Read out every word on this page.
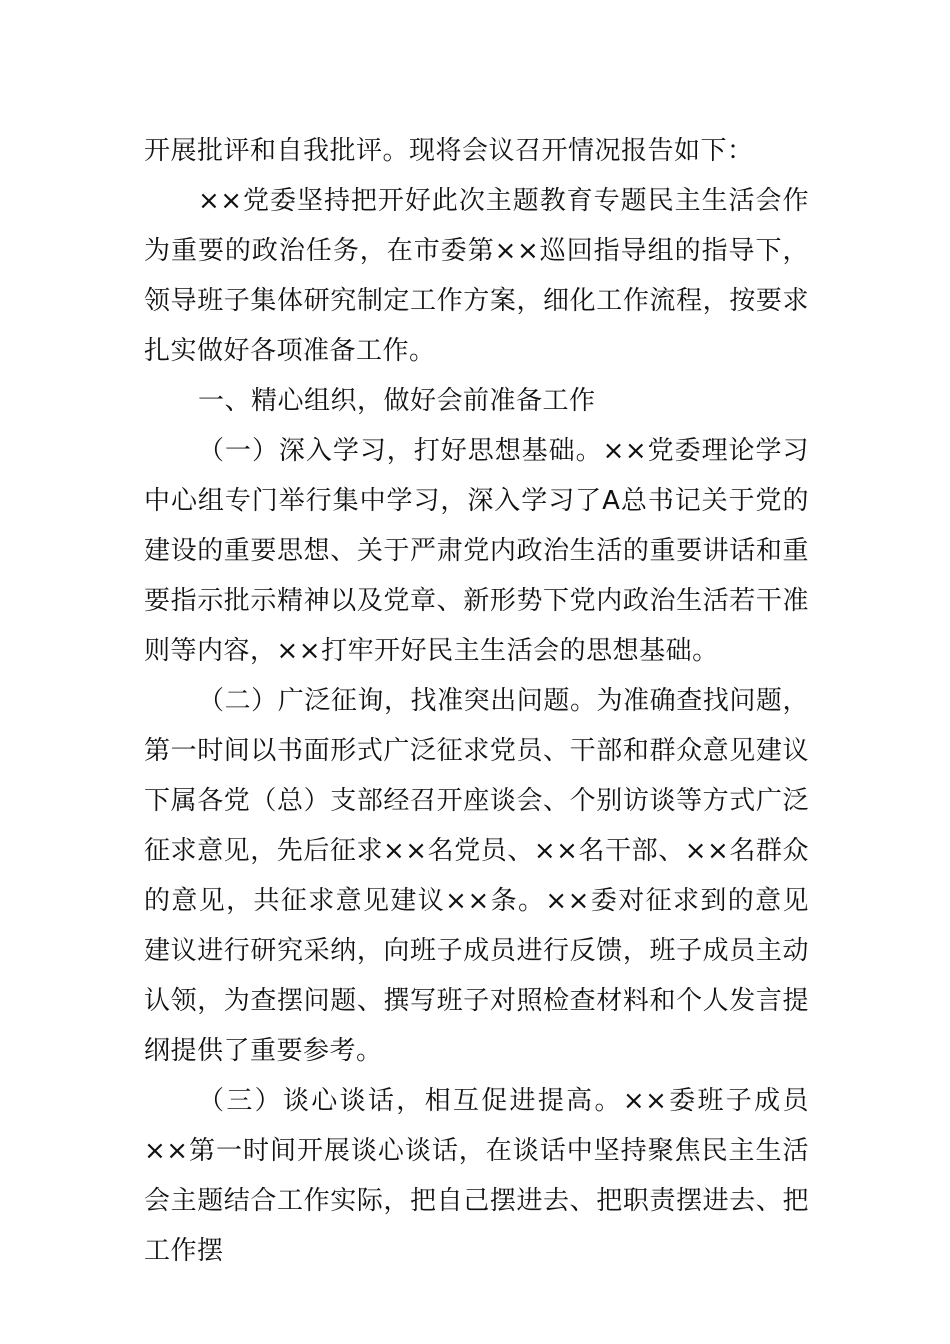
开展批评和自我批评。现将会议召开情况报告如下：

××党委坚持把开好此次主题教育专题民主生活会作为重要的政治任务，在市委第××巡回指导组的指导下，领导班子集体研究制定工作方案，细化工作流程，按要求扎实做好各项准备工作。

一、精心组织，做好会前准备工作

（一）深入学习，打好思想基础。××党委理论学习中心组专门举行集中学习，深入学习了A总书记关于党的建设的重要思想、关于严肃党内政治生活的重要讲话和重要指示批示精神以及党章、新形势下党内政治生活若干准则等内容，××打牢开好民主生活会的思想基础。

（二）广泛征询，找准突出问题。为准确查找问题，第一时间以书面形式广泛征求党员、干部和群众意见建议下属各党（总）支部经召开座谈会、个别访谈等方式广泛征求意见，先后征求××名党员、××名干部、××名群众的意见，共征求意见建议××条。××委对征求到的意见建议进行研究采纳，向班子成员进行反馈，班子成员主动认领，为查摆问题、撰写班子对照检查材料和个人发言提纲提供了重要参考。

（三）谈心谈话，相互促进提高。××委班子成员××第一时间开展谈心谈话，在谈话中坚持聚焦民主生活会主题结合工作实际，把自己摆进去、把职责摆进去、把工作摆
